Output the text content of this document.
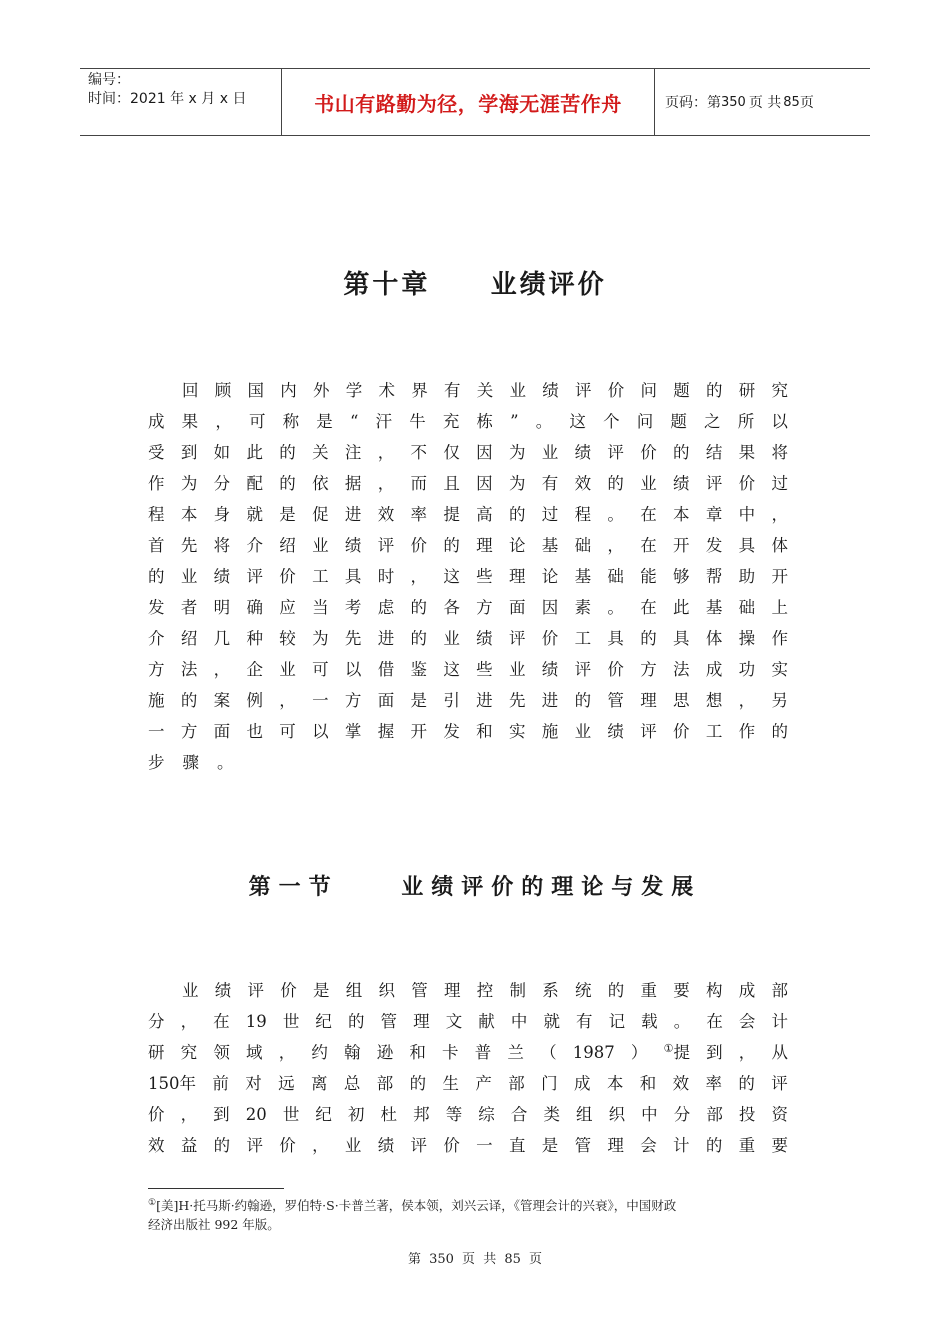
编号：
时间：2021 年 x 月 x 日	书山有路勤为径，学海无涯苦作舟	页码：第 350 页 共 85 页
第十章     业绩评价
回 顾 国 内 外 学 术 界 有 关 业 绩 评 价 问 题 的 研 究
成 果 ， 可 称 是 “ 汗 牛 充 栋 ” 。 这 个 问 题 之 所 以
受 到 如 此 的 关 注 ， 不 仅 因 为 业 绩 评 价 的 结 果 将
作 为 分 配 的 依 据 ， 而 且 因 为 有 效 的 业 绩 评 价 过
程 本 身 就 是 促 进 效 率 提 高 的 过 程 。 在 本 章 中 ，
首 先 将 介 绍 业 绩 评 价 的 理 论 基 础 ， 在 开 发 具 体
的 业 绩 评 价 工 具 时 ， 这 些 理 论 基 础 能 够 帮 助 开
发 者 明 确 应 当 考 虑 的 各 方 面 因 素 。 在 此 基 础 上
介 绍 几 种 较 为 先 进 的 业 绩 评 价 工 具 的 具 体 操 作
方 法 ， 企 业 可 以 借 鉴 这 些 业 绩 评 价 方 法 成 功 实
施 的 案 例 ， 一 方 面 是 引 进 先 进 的 管 理 思 想 ， 另
一 方 面 也 可 以 掌 握 开 发 和 实 施 业 绩 评 价 工 作 的
步 骤 。
第一节    业绩评价的理论与发展
业 绩 评 价 是 组 织 管 理 控 制 系 统 的 重 要 构 成 部
分 ， 在 19 世 纪 的 管 理 文 献 中 就 有 记 载 。 在 会 计
研 究 领 域 ， 约 翰 逊 和 卡 普 兰 （ 1987 ） ①提 到 ， 从
150年 前 对 远 离 总 部 的 生 产 部 门 成 本 和 效 率 的 评
价 ， 到 20 世 纪 初 杜 邦 等 综 合 类 组 织 中 分 部 投 资
效 益 的 评 价 ， 业 绩 评 价 一 直 是 管 理 会 计 的 重 要
①[美]H·托马斯·约翰逊，罗伯特·S·卡普兰著，侯本领，刘兴云译，《管理会计的兴衰》，中国财政
经济出版社 992 年版。
第 350 页 共 85 页
